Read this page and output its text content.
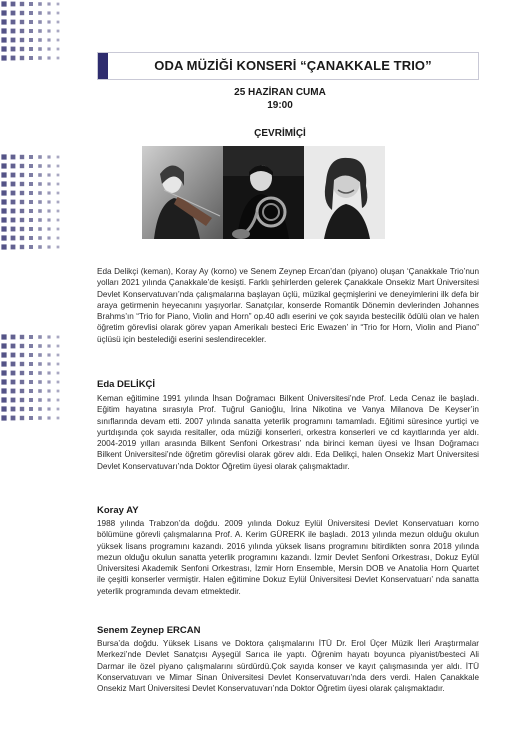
ODA MÜZİĞİ KONSERİ “ÇANAKKALE TRIO”
25 HAZİRAN CUMA
19:00
ÇEVRİMİÇİ
Eda Delikçi (keman), Koray Ay (korno) ve Senem Zeynep Ercan’dan (piyano) oluşan ‘Çanakkale Trio’nun yolları 2021 yılında Çanakkale’de kesişti. Farklı şehirlerden gelerek Çanakkale Onsekiz Mart Üniversitesi Devlet Konservatuvarı’nda çalışmalarına başlayan üçlü, müzikal geçmişlerini ve deneyimlerini ilk defa bir araya getirmenin heyecanını yaşıyorlar. Sanatçılar, konserde Romantik Dönemin devlerinden Johannes Brahms’ın “Trio for Piano, Violin and Horn” op.40 adlı eserini ve çok sayıda bestecilik ödülü olan ve halen öğretim görevlisi olarak görev yapan Amerikalı besteci Eric Ewazen’ in “Trio for Horn, Violin and Piano” üçlüsü için bestelediği eserini seslendirecekler.
Eda DELİKÇİ
Keman eğitimine 1991 yılında İhsan Doğramacı Bilkent Üniversitesi’nde Prof. Leda Cenaz ile başladı. Eğitim hayatına sırasıyla Prof. Tuğrul Ganioğlu, İrina Nikotina ve Vanya Milanova De Keyser’in sınıflarında devam etti. 2007 yılında sanatta yeterlik programını tamamladı. Eğitimi süresince yurtiçi ve yurtdışında çok sayıda resitaller, oda müziği konserleri, orkestra konserleri ve cd kayıtlarında yer aldı. 2004-2019 yılları arasında Bilkent Senfoni Orkestrası’ nda birinci keman üyesi ve İhsan Doğramacı Bilkent Üniversitesi’nde öğretim görevlisi olarak görev aldı. Eda Delikçi, halen Onsekiz Mart Üniversitesi Devlet Konservatuvarı’nda Doktor Öğretim üyesi olarak çalışmaktadır.
Koray AY
1988 yılında Trabzon’da doğdu. 2009 yılında Dokuz Eylül Üniversitesi Devlet Konservatuarı korno bölümüne görevli çalışmalarına Prof. A. Kerim GÜRERK ile başladı. 2013 yılında mezun olduğu okulun yüksek lisans programını kazandı. 2016 yılında yüksek lisans programını bitirdikten sonra 2018 yılında mezun olduğu okulun sanatta yeterlik programını kazandı. İzmir Devlet Senfoni Orkestrası, Dokuz Eylül Üniversitesi Akademik Senfoni Orkestrası, İzmir Horn Ensemble, Mersin DOB ve Anatolia Horn Quartet ile çeşitli konserler vermiştir. Halen eğitimine Dokuz Eylül Üniversitesi Devlet Konservatuarı’ nda sanatta yeterlik programında devam etmektedir.
Senem Zeynep ERCAN
Bursa’da doğdu. Yüksek Lisans ve Doktora çalışmalarını İTÜ Dr. Erol Üçer Müzik İleri Araştırmalar Merkezi’nde Devlet Sanatçısı Ayşegül Sarıca ile yaptı. Öğrenim hayatı boyunca piyanist/besteci Ali Darmar ile özel piyano çalışmalarını sürdürdü.Çok sayıda konser ve kayıt çalışmasında yer aldı. İTÜ Konservatuvarı ve Mimar Sinan Üniversitesi Devlet Konservatuvarı’nda ders verdi. Halen Çanakkale Onsekiz Mart Üniversitesi Devlet Konservatuvarı’nda Doktor Öğretim üyesi olarak çalışmaktadır.
